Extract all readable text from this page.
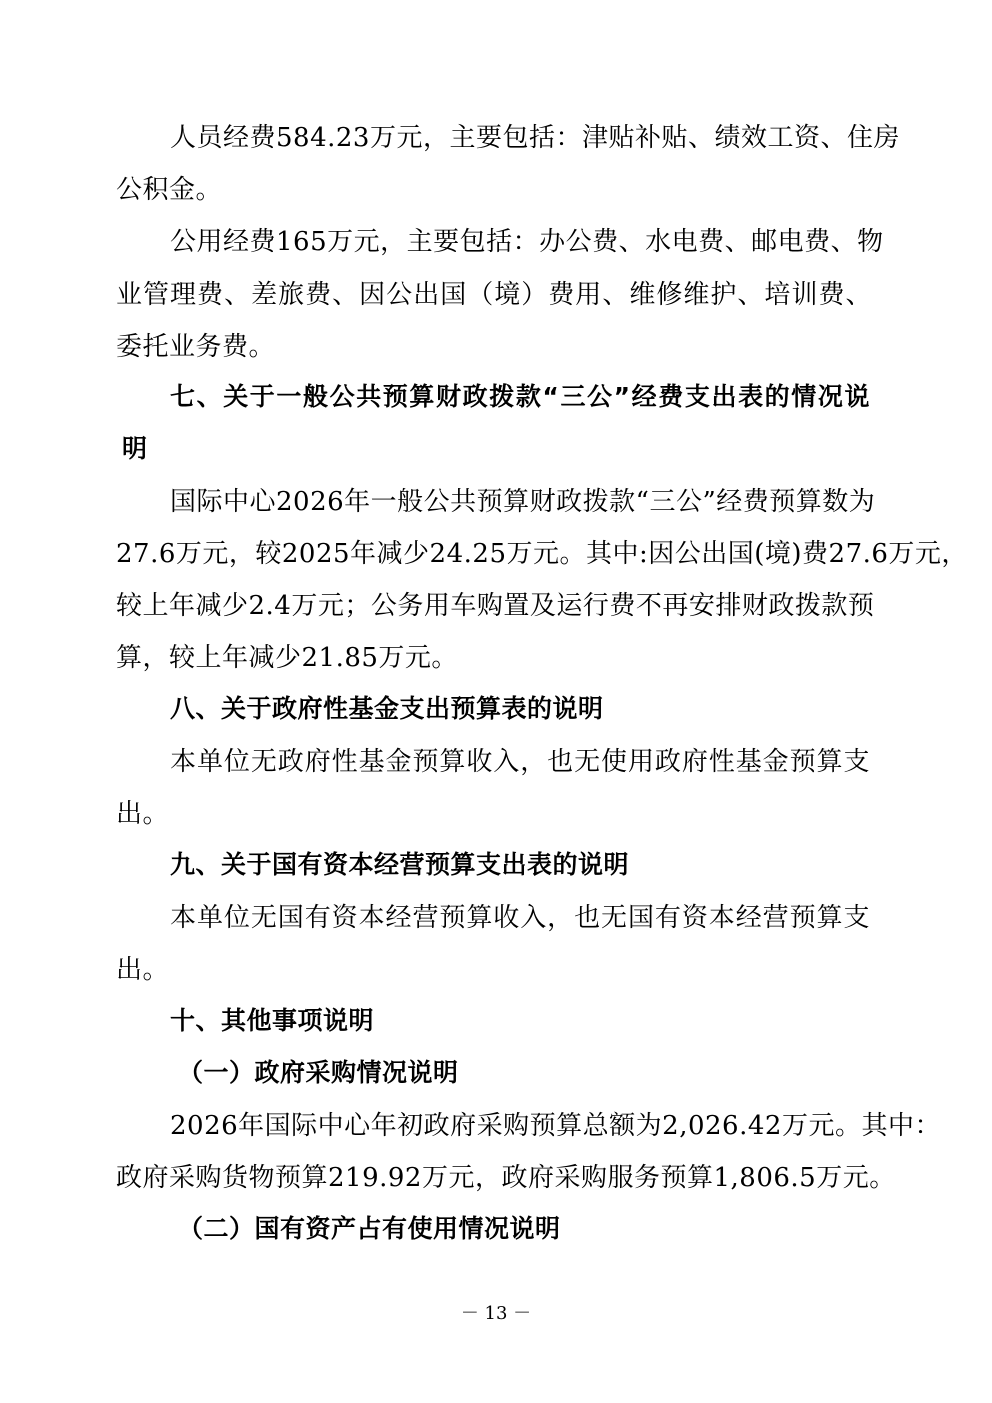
人员经费584.23万元，主要包括：津贴补贴、绩效工资、住房
公积金。
公用经费165万元，主要包括：办公费、水电费、邮电费、物
业管理费、差旅费、因公出国（境）费用、维修维护、培训费、
委托业务费。
七、关于一般公共预算财政拨款“三公”经费支出表的情况说
明
国际中心2026年一般公共预算财政拨款“三公”经费预算数为
27.6万元，较2025年减少24.25万元。其中:因公出国(境)费27.6万元，
较上年减少2.4万元；公务用车购置及运行费不再安排财政拨款预
算，较上年减少21.85万元。
八、关于政府性基金支出预算表的说明
本单位无政府性基金预算收入，也无使用政府性基金预算支
出。
九、关于国有资本经营预算支出表的说明
本单位无国有资本经营预算收入，也无国有资本经营预算支
出。
十、其他事项说明
（一）政府采购情况说明
2026年国际中心年初政府采购预算总额为2,026.42万元。其中：
政府采购货物预算219.92万元，政府采购服务预算1,806.5万元。
（二）国有资产占有使用情况说明
－ 13 －
